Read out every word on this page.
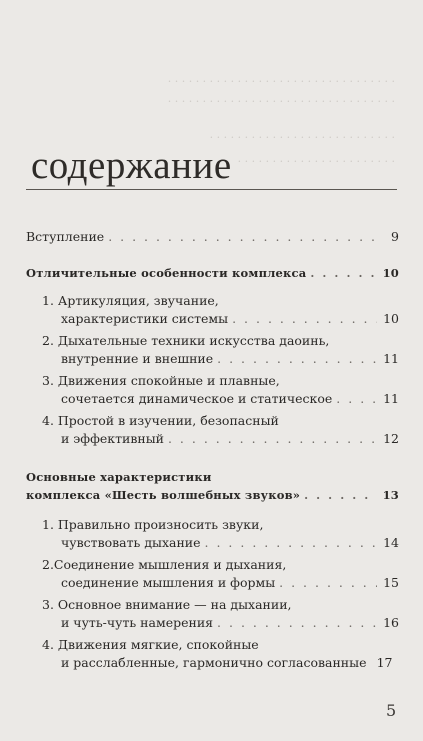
. . . . . . . . . . . . . . . . . . . . . . . . . . . . . . . . .
. . . . . . . . . . . . . . . . . . . . . . . . . . . . . . . . .
. . . . . . . . . . . . . . . . . . . . . . . . . . .
. . . . . . . . . . . . . . . . . . . . . . .
содержание
Вступление . . .	9
Отличительные особенности комплекса . . .	10
1. Артикуляция, звучание,
характеристики системы . . .	10
2. Дыхательные техники искусства даоинь,
внутренние и внешние . . .	11
3. Движения спокойные и плавные,
сочетается динамическое и статическое . . .	11
4. Простой в изучении, безопасный
и эффективный . . .	12
Основные характеристики
комплекса «Шесть волшебных звуков» . . .	13
1. Правильно произносить звуки,
чувствовать дыхание . . .	14
2.Соединение мышления и дыхания,
соединение мышления и формы . . .	15
3. Основное внимание — на дыхании,
и чуть-чуть намерения . . .	16
4. Движения мягкие, спокойные
и расслабленные, гармонично согласованные 17
5
